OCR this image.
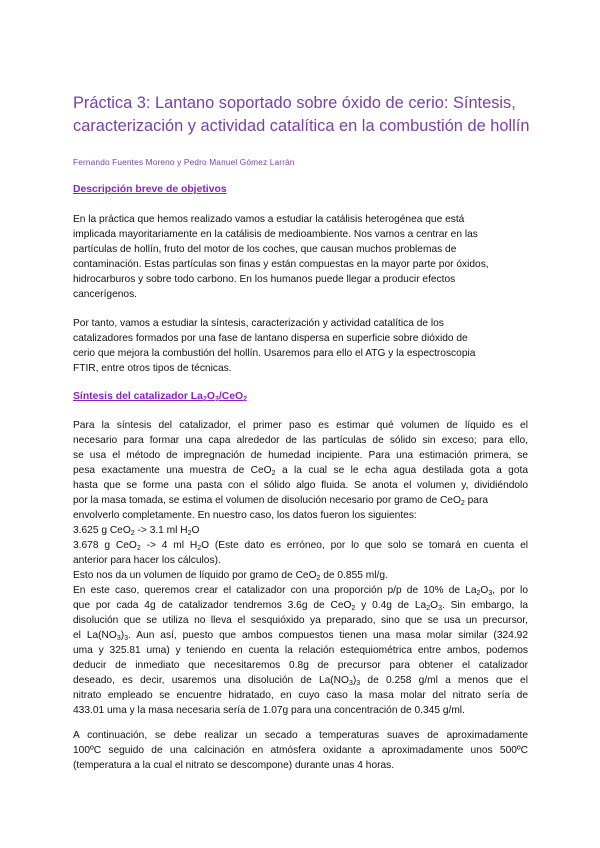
Práctica 3: Lantano soportado sobre óxido de cerio: Síntesis, caracterización y actividad catalítica en la combustión de hollín
Fernando Fuentes Moreno y Pedro Manuel Gómez Larrán
Descripción breve de objetivos

En la práctica que hemos realizado vamos a estudiar la catálisis heterogénea que está
implicada mayoritariamente en la catálisis de medioambiente. Nos vamos a centrar en las
partículas de hollín, fruto del motor de los coches, que causan muchos problemas de
contaminación. Estas partículas son finas y están compuestas en la mayor parte por óxidos,
hidrocarburos y sobre todo carbono. En los humanos puede llegar a producir efectos
cancerígenos.

Por tanto, vamos a estudiar la síntesis, caracterización y actividad catalítica de los
catalizadores formados por una fase de lantano dispersa en superficie sobre dióxido de
cerio que mejora la combustión del hollín. Usaremos para ello el ATG y la espectroscopia
FTIR, entre otros tipos de técnicas.

Síntesis del catalizador $La_2O_3/CeO_2$
Para la síntesis del catalizador, el primer paso es estimar qué volumen de líquido es el
necesario para formar una capa alrededor de las partículas de sólido sin exceso; para ello,
se usa el método de impregnación de humedad incipiente. Para una estimación primera, se
pesa exactamente una muestra de CeO$_2$ a la cual se le echa agua destilada gota a gota
hasta que se forme una pasta con el sólido algo fluida. Se anota el volumen y, dividiéndolo
por la masa tomada, se estima el volumen de disolución necesario por gramo de CeO$_2$ para
envolverlo completamente. En nuestro caso, los datos fueron los siguientes:
3.625 g CeO$_2$ -> 3.1 ml $H_2O$
3.678 g CeO$_2$ -> 4 ml $H_2O$ (Este dato es erróneo, por lo que solo se tomará en cuenta el
anterior para hacer los cálculos).
Esto nos da un volumen de líquido por gramo de CeO$_2$ de 0.855 ml/g.
En este caso, queremos crear el catalizador con una proporción p/p de 10% de $La_2O_3$, por lo
que por cada 4g de catalizador tendremos 3.6g de CeO$_2$ y 0.4g de $La_2O_3$. Sin embargo, la
disolución que se utiliza no lleva el sesquióxido ya preparado, sino que se usa un precursor,
el $La(NO_3)_3$. Aun así, puesto que ambos compuestos tienen una masa molar similar (324.92
uma y 325.81 uma) y teniendo en cuenta la relación estequiométrica entre ambos, podemos
deducir de inmediato que necesitaremos 0.8g de precursor para obtener el catalizador
deseado, es decir, usaremos una disolución de $La(NO_3)_3$ de 0.258 g/ml a menos que el
nitrato empleado se encuentre hidratado, en cuyo caso la masa molar del nitrato sería de
433.01 uma y la masa necesaria sería de 1.07g para una concentración de 0.345 g/ml.
A continuación, se debe realizar un secado a temperaturas suaves de aproximadamente
100ºC seguido de una calcinación en atmósfera oxidante a aproximadamente unos 500ºC
(temperatura a la cual el nitrato se descompone) durante unas 4 horas.
